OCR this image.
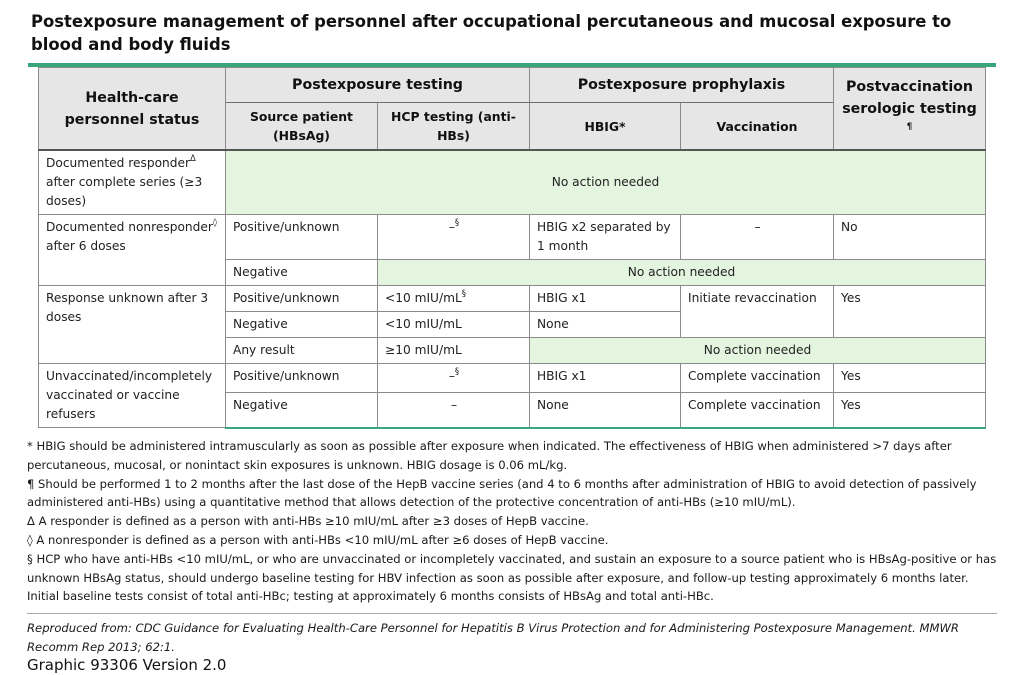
Postexposure management of personnel after occupational percutaneous and mucosal exposure to blood and body fluids
Health-care personnel status	Postexposure testing		Postexposure prophylaxis		Postvaccination serologic testing ¶
	Source patient (HBsAg)	HCP testing (anti-HBs)	HBIG*	Vaccination	
Documented responder$^\Delta$ after complete series (≥3 doses)	No action needed				
Documented nonresponder◊ after 6 doses	Positive/unknown	–§	HBIG x2 separated by 1 month	–	No
	Negative	No action needed			
Response unknown after 3 doses	Positive/unknown	<10 mIU/mL§	HBIG x1	Initiate revaccination	Yes
	Negative	<10 mIU/mL	None		
	Any result	≥10 mIU/mL	No action needed		
Unvaccinated/incompletely vaccinated or vaccine refusers	Positive/unknown	–§	HBIG x1	Complete vaccination	Yes
	Negative	–	None	Complete vaccination	Yes

* HBIG should be administered intramuscularly as soon as possible after exposure when indicated. The effectiveness of HBIG when administered >7 days after percutaneous, mucosal, or nonintact skin exposures is unknown. HBIG dosage is 0.06 mL/kg.

¶ Should be performed 1 to 2 months after the last dose of the HepB vaccine series (and 4 to 6 months after administration of HBIG to avoid detection of passively administered anti-HBs) using a quantitative method that allows detection of the protective concentration of anti-HBs (≥10 mIU/mL).

Δ A responder is defined as a person with anti-HBs ≥10 mIU/mL after ≥3 doses of HepB vaccine.

◊ A nonresponder is defined as a person with anti-HBs <10 mIU/mL after ≥6 doses of HepB vaccine.

§ HCP who have anti-HBs <10 mIU/mL, or who are unvaccinated or incompletely vaccinated, and sustain an exposure to a source patient who is HBsAg-positive or has unknown HBsAg status, should undergo baseline testing for HBV infection as soon as possible after exposure, and follow-up testing approximately 6 months later. Initial baseline tests consist of total anti-HBc; testing at approximately 6 months consists of HBsAg and total anti-HBc.

Reproduced from: CDC Guidance for Evaluating Health-Care Personnel for Hepatitis B Virus Protection and for Administering Postexposure Management. MMWR Recomm Rep 2013; 62:1.
Graphic 93306 Version 2.0
